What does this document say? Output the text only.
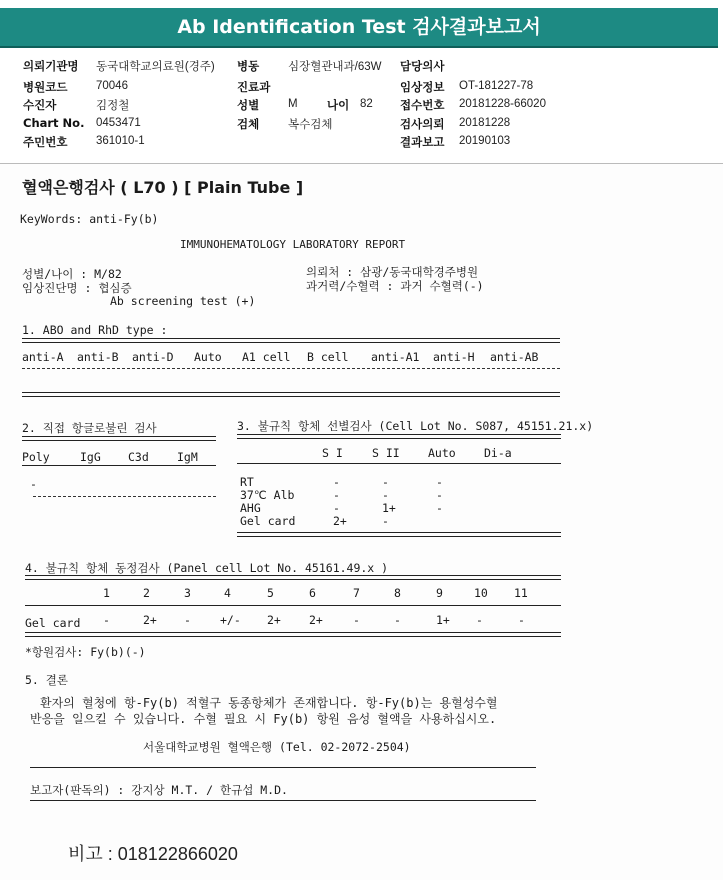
Ab Identification Test 검사결과보고서
의뢰기관명 동국대학교의료원(경주) 병동	심장혈관내과/63W 담당의사
병원코드 70046	진료과	임상정보 OT-181227-78
수진자	김정철	성별	M	나이 82 접수번호 20181228-66020
Chart No. 0453471	검체	복수검체	검사의뢰 20181228
주민번호 361010-1	결과보고 20190103
혈액은행검사 ( L70 ) [ Plain Tube ]
KeyWords: anti-Fy(b)
IMMUNOHEMATOLOGY LABORATORY REPORT
성별/나이 : M/82
임상진단명 : 협심증
Ab screening test (+)
의뢰처 : 삼광/동국대학경주병원
과거력/수혈력 : 과거 수혈력(-)
1. ABO and RhD type :
anti-A anti-B anti-D Auto A1 cell B cell anti-A1 anti-H anti-AB
2. 직접 항글로불린 검사
Poly	IgG C3d IgM
-
3. 불규칙 항체 선별검사 (Cell Lot No. S087, 45151.21.x)
S I	S II Auto Di-a
RT	-	-	-
37℃ Alb	-	-	-
AHG	-	1+	-
Gel card	2+	-
4. 불규칙 항체 동정검사 (Panel cell Lot No. 45161.49.x )
1	2	3	4	5	6	7	8	9	10 11
Gel card -	2+ -	+/- 2+ 2+	-	-	1+ -	-
*항원검사: Fy(b)(-)
5. 결론
환자의 혈청에 항-Fy(b) 적혈구 동종항체가 존재합니다. 항-Fy(b)는 용혈성수혈
반응을 일으킬 수 있습니다. 수혈 필요 시 Fy(b) 항원 음성 혈액을 사용하십시오.
서울대학교병원 혈액은행 (Tel. 02-2072-2504)
보고자(판독의) : 강지상 M.T. / 한규섭 M.D.
비고 : 018122866020
